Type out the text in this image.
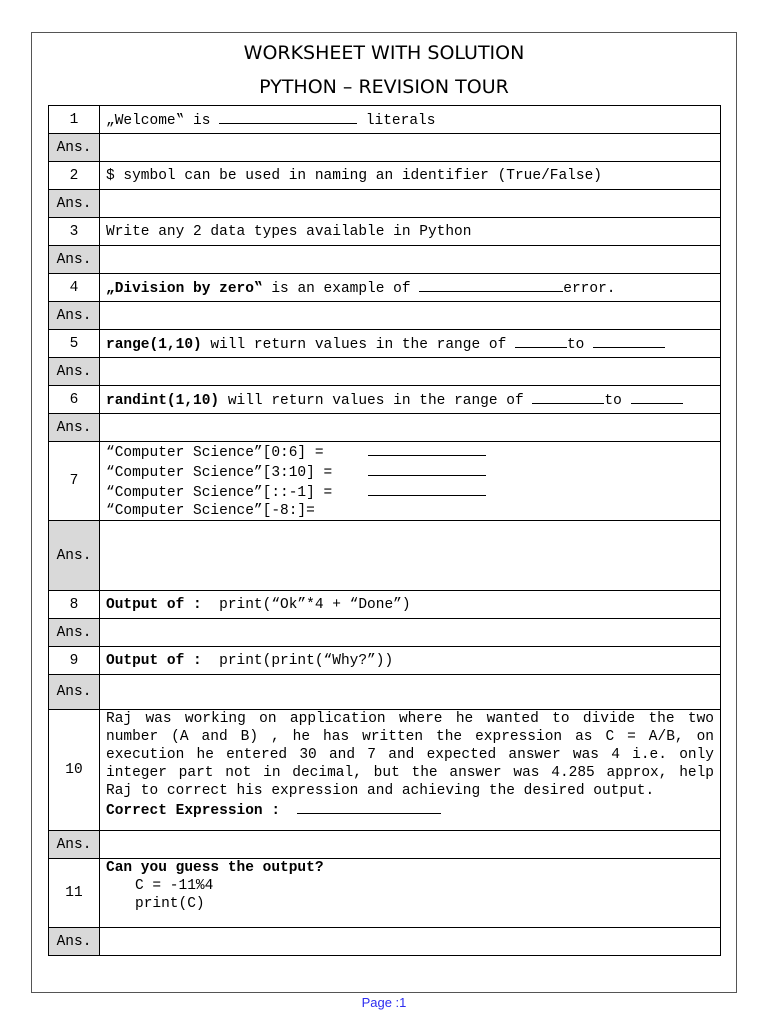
WORKSHEET WITH SOLUTION
PYTHON – REVISION TOUR
1	„Welcome‟ is literals
Ans.	
2	$ symbol can be used in naming an identifier (True/False)
Ans.	
3	Write any 2 data types available in Python
Ans.	
4	„Division by zero‟ is an example of error.
Ans.	
5	range(1,10) will return values in the range of to
Ans.	
6	randint(1,10) will return values in the range of to
Ans.	
7	“Computer Science”[0:6] =
“Computer Science”[3:10] =
“Computer Science”[::-1] =
“Computer Science”[-8:]=

Ans.	
8	Output of :  print(“Ok”*4 + “Done”)
Ans.	
9	Output of :  print(print(“Why?”))
Ans.	
10	Raj was working on application where he wanted to divide the two number (A and B) , he has written the expression as C = A/B, on execution he entered 30 and 7 and expected answer was 4 i.e. only integer part not in decimal, but the answer was 4.285 approx, help Raj to correct his expression and achieving the desired output.
Correct Expression :

Ans.	
11	Can you guess the output?
C = -11%4
print(C)

Ans.	
Page :1
